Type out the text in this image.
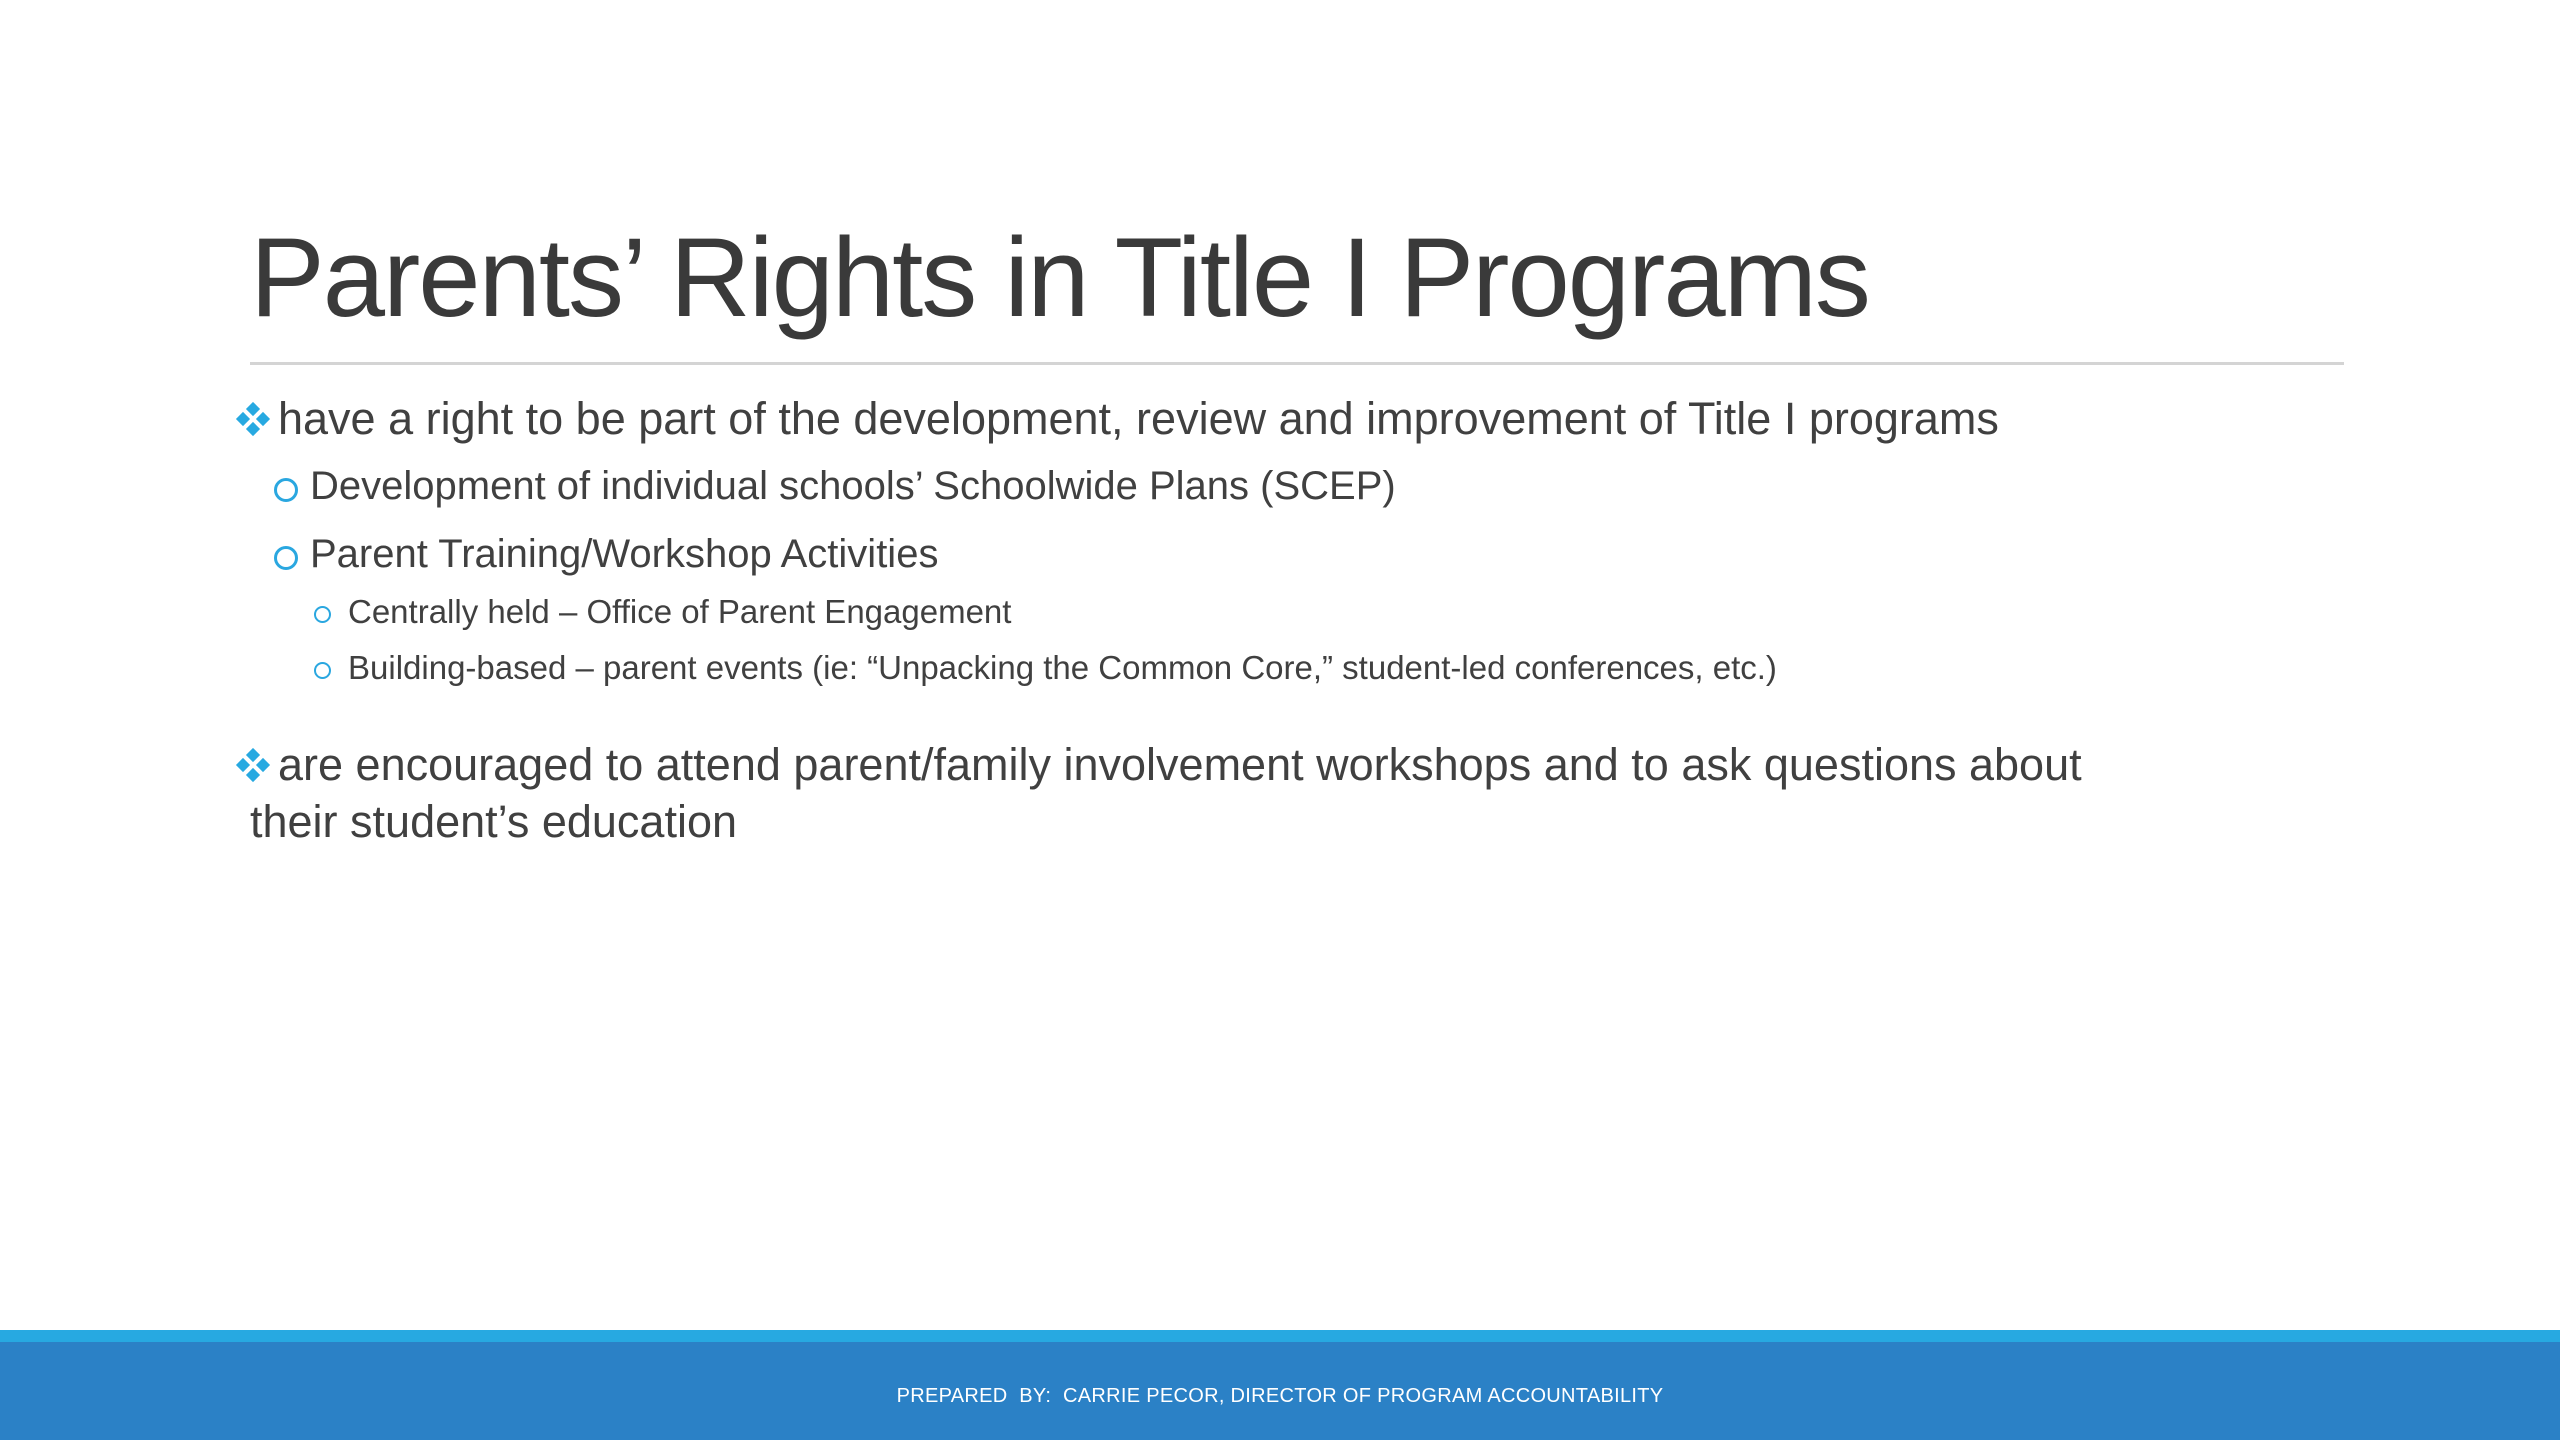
Parents’ Rights in Title I Programs
have a right to be part of the development, review and improvement of Title I programs
Development of individual schools’ Schoolwide Plans (SCEP)
Parent Training/Workshop Activities
Centrally held – Office of Parent Engagement
Building-based – parent events (ie: “Unpacking the Common Core,” student-led conferences, etc.)
are encouraged to attend parent/family involvement workshops and to ask questions about
their student’s education
PREPARED  BY:  CARRIE PECOR, DIRECTOR OF PROGRAM ACCOUNTABILITY
